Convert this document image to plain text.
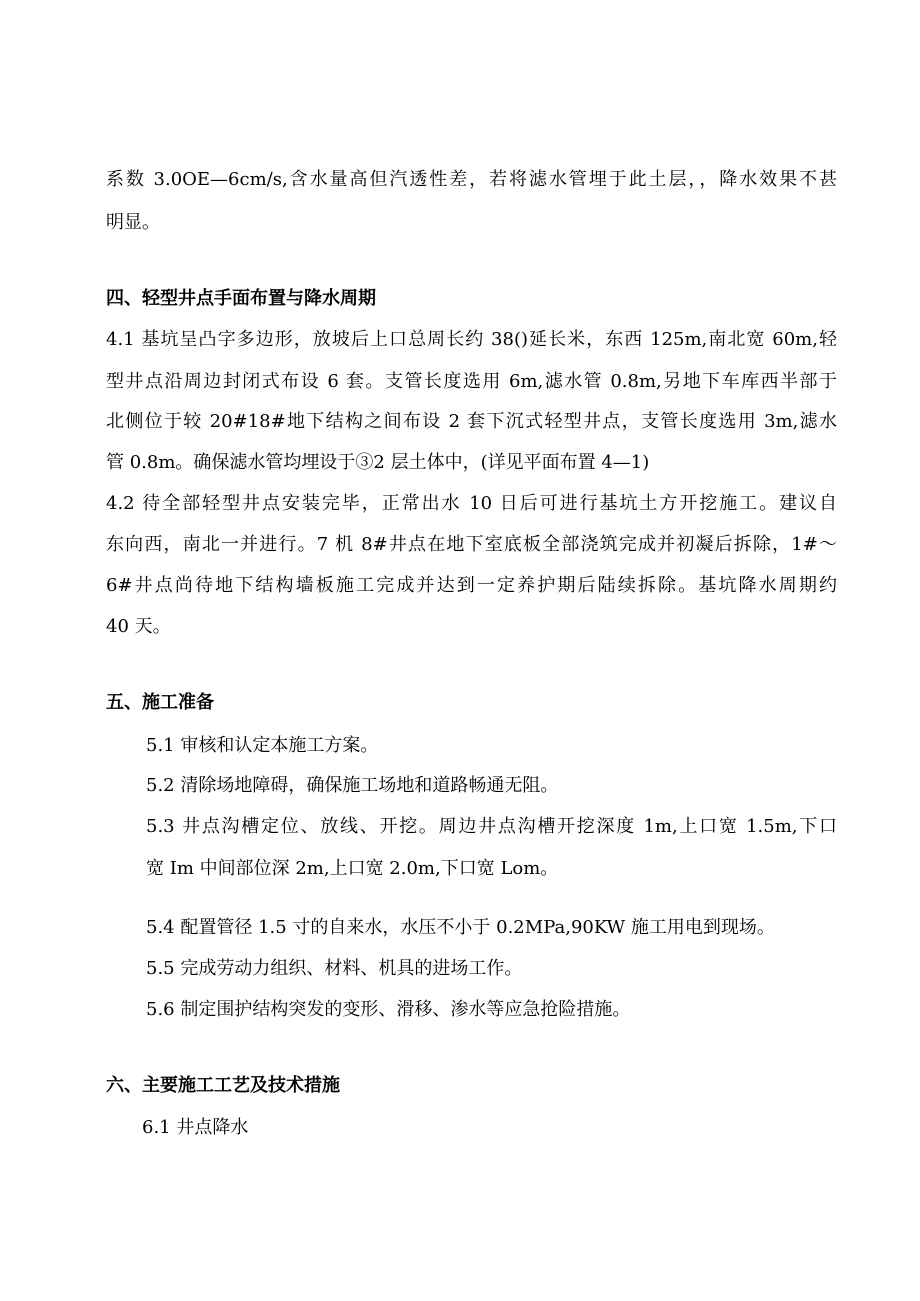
系数 3.0OE—6cm∕s,含水量高但汽透性差，若将滤水管埋于此土层，，降水效果不甚
明显。
四、轻型井点手面布置与降水周期
4.1 基坑呈凸字多边形，放坡后上口总周长约 38()延长米，东西 125m,南北宽 60m,轻
型井点沿周边封闭式布设 6 套。支管长度选用 6m,滤水管 0.8m,另地下车库西半部于
北侧位于较 20#18#地下结构之间布设 2 套下沉式轻型井点，支管长度选用 3m,滤水
管 0.8m。确保滤水管均埋设于③2 层土体中，(详见平面布置 4—1)
4.2 待全部轻型井点安装完毕，正常出水 10 日后可进行基坑土方开挖施工。建议自
东向西，南北一并进行。7 机 8#井点在地下室底板全部浇筑完成并初凝后拆除，1#～
6#井点尚待地下结构墙板施工完成并达到一定养护期后陆续拆除。基坑降水周期约
40 天。
五、施工准备
5.1 审核和认定本施工方案。
5.2 清除场地障碍，确保施工场地和道路畅通无阻。
5.3 井点沟槽定位、放线、开挖。周边井点沟槽开挖深度 1m,上口宽 1.5m,下口
宽 Im 中间部位深 2m,上口宽 2.0m,下口宽 Lom。
5.4 配置管径 1.5 寸的自来水，水压不小于 0.2MPa,90KW 施工用电到现场。
5.5 完成劳动力组织、材料、机具的进场工作。
5.6 制定围护结构突发的变形、滑移、渗水等应急抢险措施。
六、主要施工工艺及技术措施
6.1 井点降水
